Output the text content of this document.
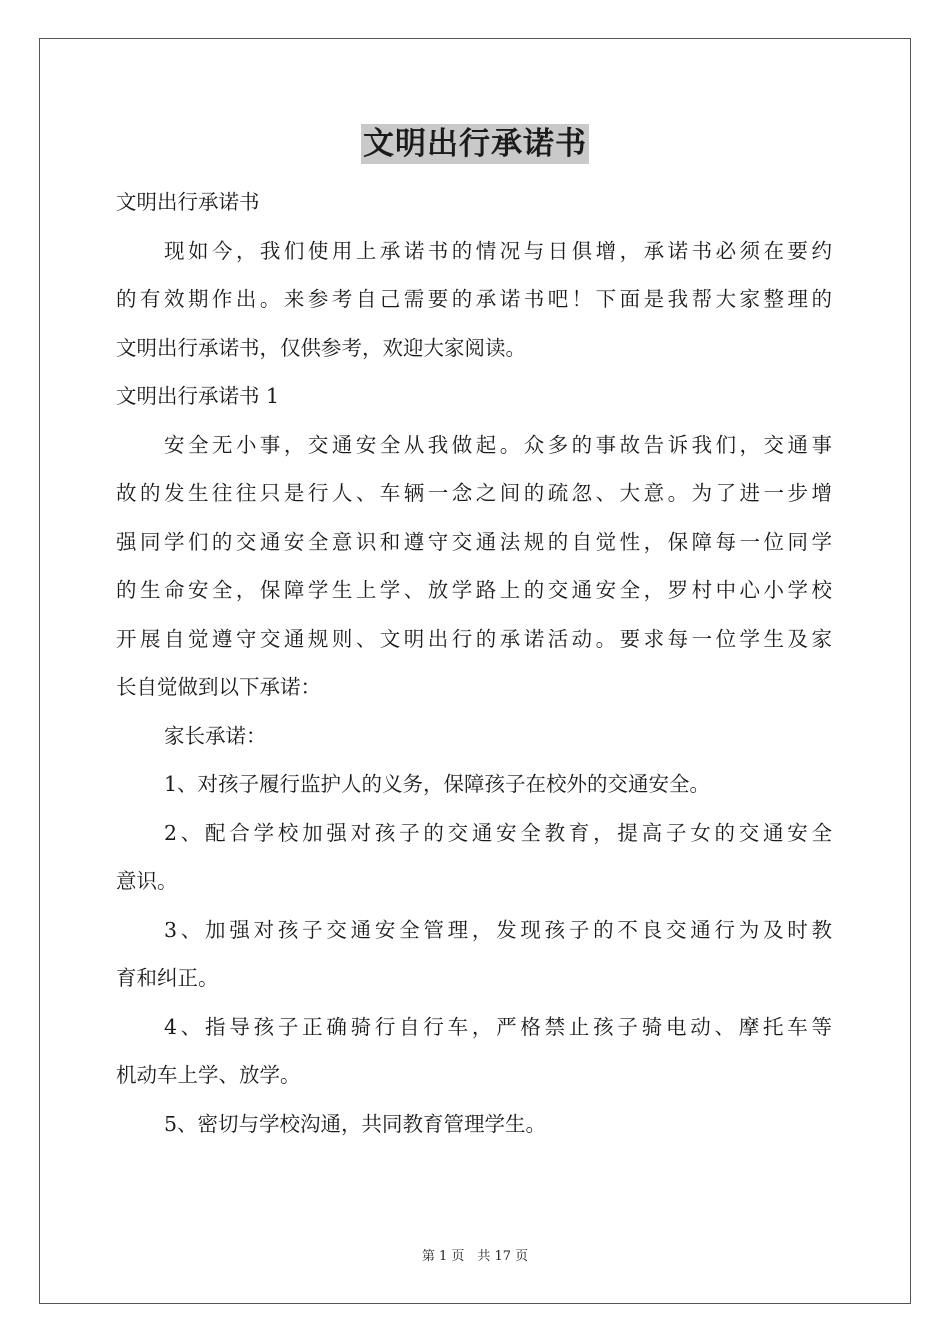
文明出行承诺书
文明出行承诺书
现如今，我们使用上承诺书的情况与日俱增，承诺书必须在要约
的有效期作出。来参考自己需要的承诺书吧！下面是我帮大家整理的
文明出行承诺书，仅供参考，欢迎大家阅读。
文明出行承诺书 1
安全无小事，交通安全从我做起。众多的事故告诉我们，交通事
故的发生往往只是行人、车辆一念之间的疏忽、大意。为了进一步增
强同学们的交通安全意识和遵守交通法规的自觉性，保障每一位同学
的生命安全，保障学生上学、放学路上的交通安全，罗村中心小学校
开展自觉遵守交通规则、文明出行的承诺活动。要求每一位学生及家
长自觉做到以下承诺：
家长承诺：
1、对孩子履行监护人的义务，保障孩子在校外的交通安全。
2、配合学校加强对孩子的交通安全教育，提高子女的交通安全
意识。
3、加强对孩子交通安全管理，发现孩子的不良交通行为及时教
育和纠正。
4、指导孩子正确骑行自行车，严格禁止孩子骑电动、摩托车等
机动车上学、放学。
5、密切与学校沟通，共同教育管理学生。
第 1 页　共 17 页
